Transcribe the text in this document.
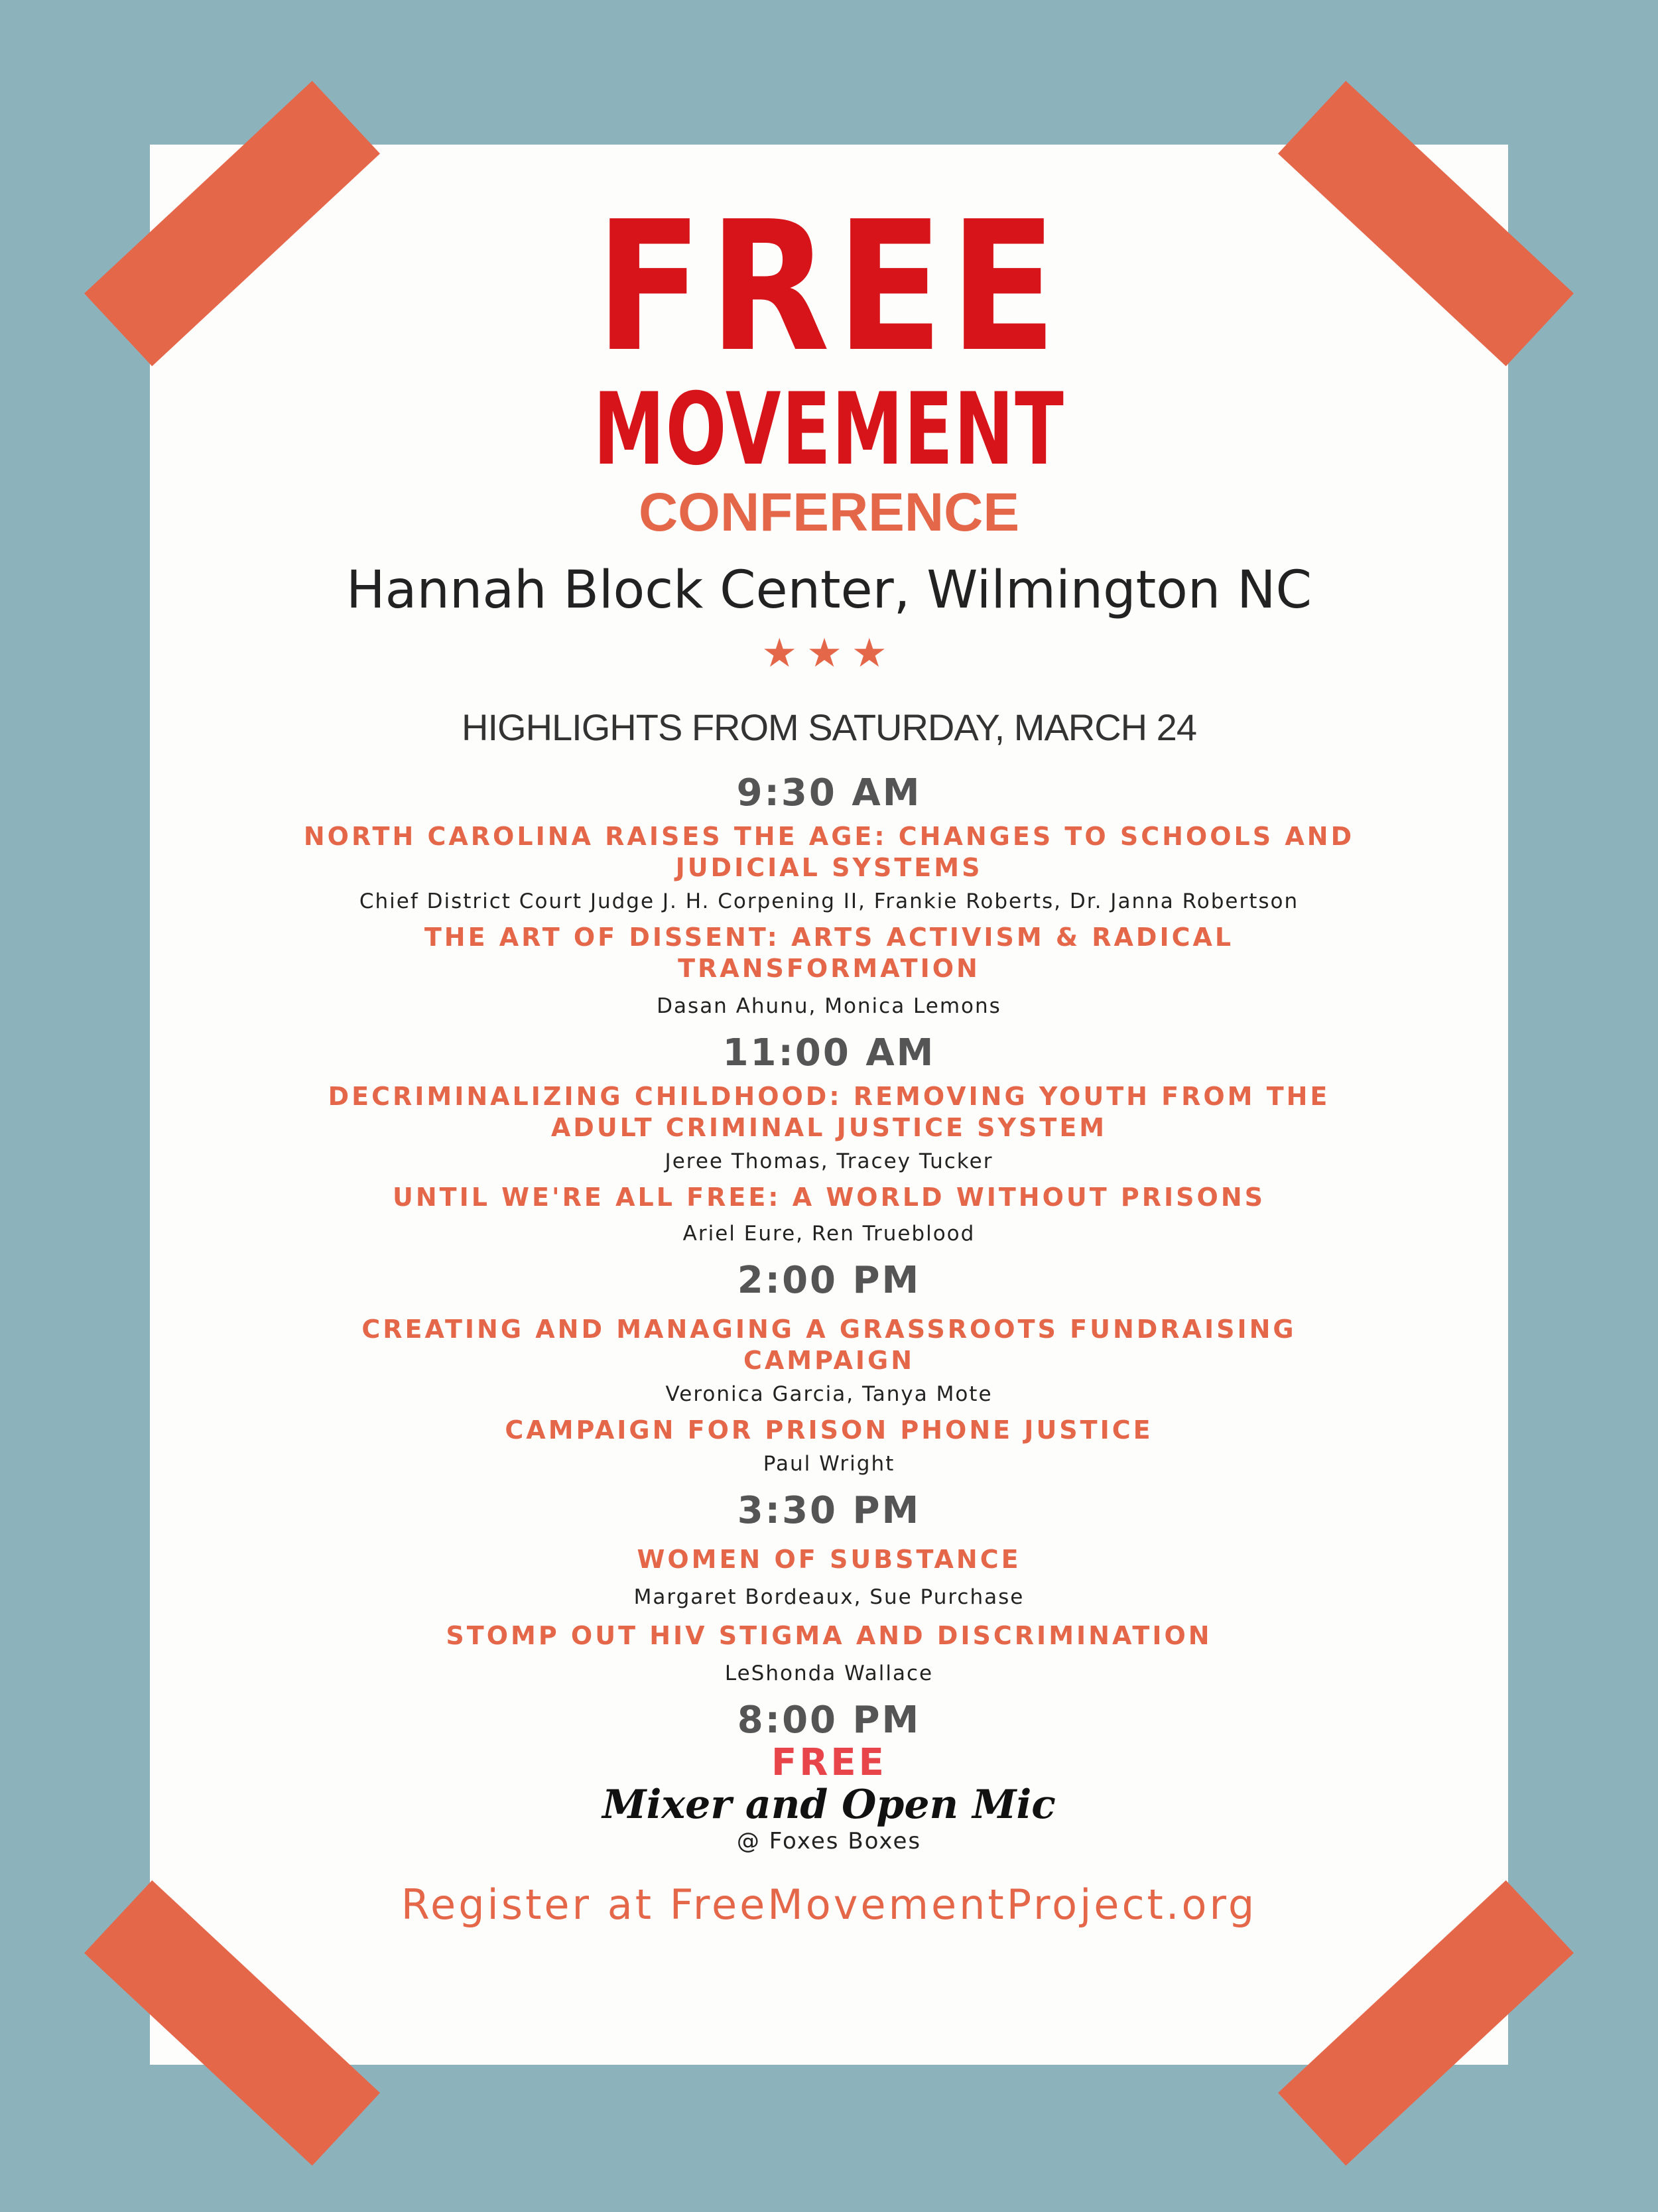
FREE
MOVEMENT
CONFERENCE
Hannah Block Center, Wilmington NC
★★★
HIGHLIGHTS FROM SATURDAY, MARCH 24
9:30 AM
NORTH CAROLINA RAISES THE AGE: CHANGES TO SCHOOLS AND JUDICIAL SYSTEMS
Chief District Court Judge J. H. Corpening II, Frankie Roberts, Dr. Janna Robertson
THE ART OF DISSENT: ARTS ACTIVISM & RADICAL TRANSFORMATION
Dasan Ahunu, Monica Lemons
11:00 AM
DECRIMINALIZING CHILDHOOD: REMOVING YOUTH FROM THE ADULT CRIMINAL JUSTICE SYSTEM
Jeree Thomas, Tracey Tucker
UNTIL WE'RE ALL FREE: A WORLD WITHOUT PRISONS
Ariel Eure, Ren Trueblood
2:00 PM
CREATING AND MANAGING A GRASSROOTS FUNDRAISING CAMPAIGN
Veronica Garcia, Tanya Mote
CAMPAIGN FOR PRISON PHONE JUSTICE
Paul Wright
3:30 PM
WOMEN OF SUBSTANCE
Margaret Bordeaux, Sue Purchase
STOMP OUT HIV STIGMA AND DISCRIMINATION
LeShonda Wallace
8:00 PM
FREE
Mixer and Open Mic
@ Foxes Boxes
Register at FreeMovementProject.org
